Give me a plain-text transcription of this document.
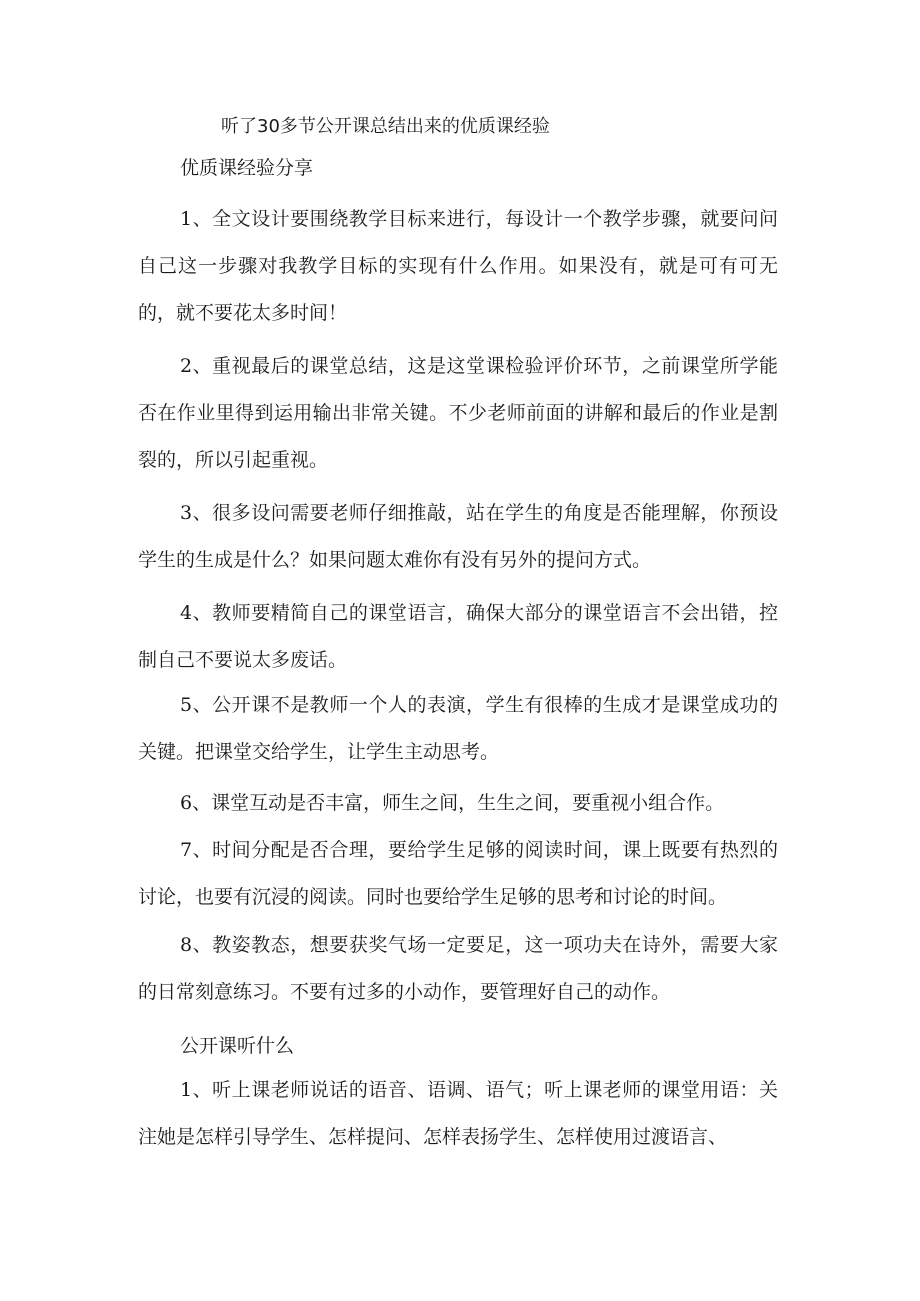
听了30多节公开课总结出来的优质课经验
优质课经验分享

1、全文设计要围绕教学目标来进行，每设计一个教学步骤，就要问问自己这一步骤对我教学目标的实现有什么作用。如果没有，就是可有可无的，就不要花太多时间！

2、重视最后的课堂总结，这是这堂课检验评价环节，之前课堂所学能否在作业里得到运用输出非常关键。不少老师前面的讲解和最后的作业是割裂的，所以引起重视。

3、很多设问需要老师仔细推敲，站在学生的角度是否能理解，你预设学生的生成是什么？如果问题太难你有没有另外的提问方式。

4、教师要精简自己的课堂语言，确保大部分的课堂语言不会出错，控制自己不要说太多废话。

5、公开课不是教师一个人的表演，学生有很棒的生成才是课堂成功的关键。把课堂交给学生，让学生主动思考。

6、课堂互动是否丰富，师生之间，生生之间，要重视小组合作。

7、时间分配是否合理，要给学生足够的阅读时间，课上既要有热烈的讨论，也要有沉浸的阅读。同时也要给学生足够的思考和讨论的时间。

8、教姿教态，想要获奖气场一定要足，这一项功夫在诗外，需要大家的日常刻意练习。不要有过多的小动作，要管理好自己的动作。

公开课听什么

1、听上课老师说话的语音、语调、语气；听上课老师的课堂用语：关注她是怎样引导学生、怎样提问、怎样表扬学生、怎样使用过渡语言、
